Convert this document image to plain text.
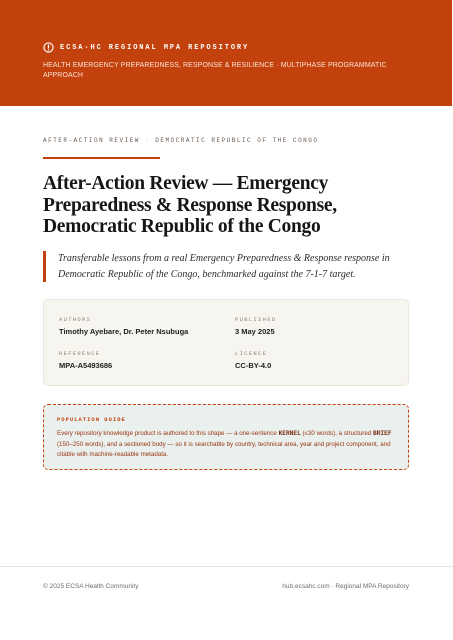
ECSA-HC REGIONAL MPA REPOSITORY
HEALTH EMERGENCY PREPAREDNESS, RESPONSE & RESILIENCE · MULTIPHASE PROGRAMMATIC APPROACH
AFTER-ACTION REVIEW · DEMOCRATIC REPUBLIC OF THE CONGO
After-Action Review — Emergency Preparedness & Response Response, Democratic Republic of the Congo
Transferable lessons from a real Emergency Preparedness & Response response in Democratic Republic of the Congo, benchmarked against the 7-1-7 target.
AUTHORS
Timothy Ayebare, Dr. Peter Nsubuga
PUBLISHED
3 May 2025
REFERENCE
MPA-A5493686
LICENCE
CC-BY-4.0
POPULATION GUIDE
Every repository knowledge product is authored to this shape — a one-sentence KERNEL (≤30 words), a structured BRIEF (150–250 words), and a sectioned body — so it is searchable by country, technical area, year and project component, and citable with machine-readable metadata.
© 2025 ECSA Health Community	hub.ecsahc.com · Regional MPA Repository
